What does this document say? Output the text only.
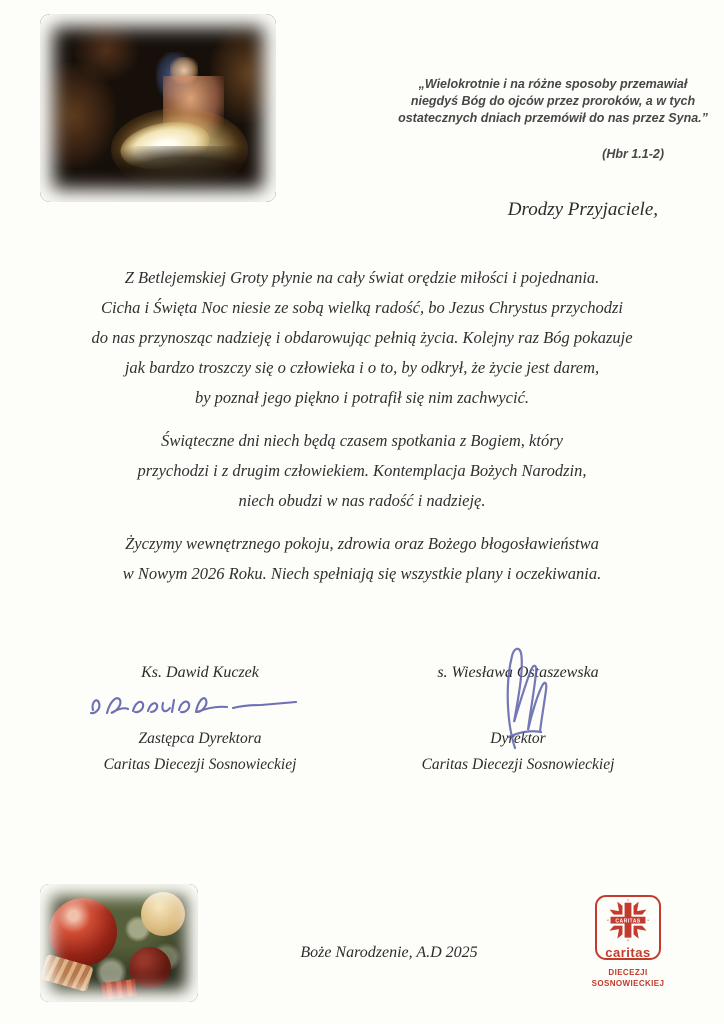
„Wielokrotnie i na różne sposoby przemawiał
niegdyś Bóg do ojców przez proroków, a w tych
ostatecznych dniach przemówił do nas przez Syna.”
(Hbr 1.1-2)
Drodzy Przyjaciele,
Z Betlejemskiej Groty płynie na cały świat orędzie miłości i pojednania.
Cicha i Święta Noc niesie ze sobą wielką radość, bo Jezus Chrystus przychodzi
do nas przynosząc nadzieję i obdarowując pełnią życia. Kolejny raz Bóg pokazuje
jak bardzo troszczy się o człowieka i o to, by odkrył, że życie jest darem,
by poznał jego piękno i potrafił się nim zachwycić.
Świąteczne dni niech będą czasem spotkania z Bogiem, który
przychodzi i z drugim człowiekiem. Kontemplacja Bożych Narodzin,
niech obudzi w nas radość i nadzieję.
Życzymy wewnętrznego pokoju, zdrowia oraz Bożego błogosławieństwa
w Nowym 2026 Roku. Niech spełniają się wszystkie plany i oczekiwania.
Ks. Dawid Kuczek
Zastępca Dyrektora
Caritas Diecezji Sosnowieckiej
s. Wiesława Ostaszewska
Dyrektor
Caritas Diecezji Sosnowieckiej
Boże Narodzenie, A.D 2025
CARITAS
caritas
DIECEZJI
SOSNOWIECKIEJ
